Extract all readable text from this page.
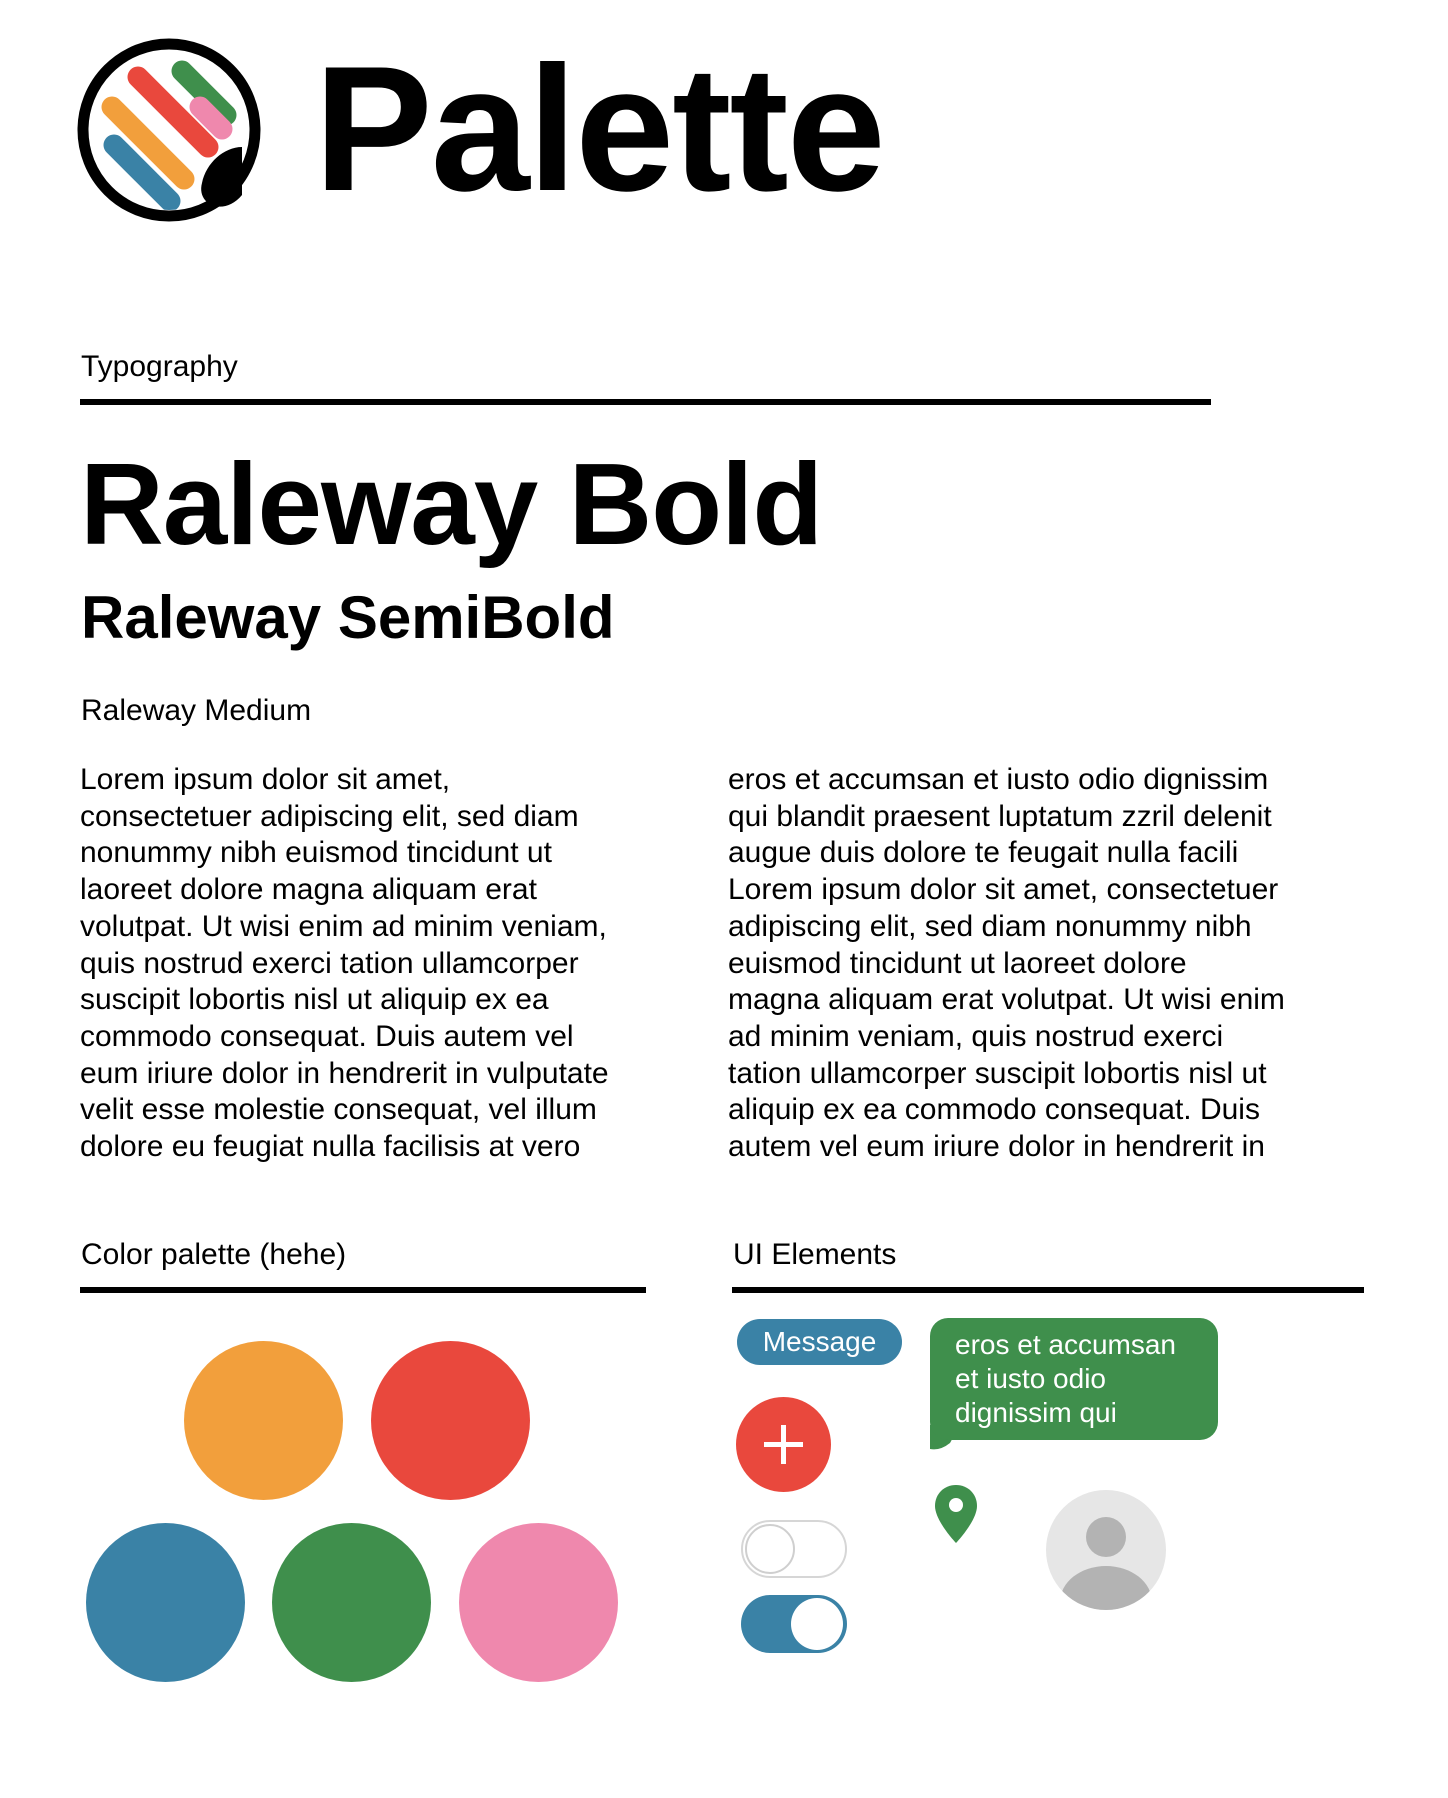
Palette
Typography
Raleway Bold
Raleway SemiBold
Raleway Medium
Lorem ipsum dolor sit amet,
consectetuer adipiscing elit, sed diam
nonummy nibh euismod tincidunt ut
laoreet dolore magna aliquam erat
volutpat. Ut wisi enim ad minim veniam,
quis nostrud exerci tation ullamcorper
suscipit lobortis nisl ut aliquip ex ea
commodo consequat. Duis autem vel
eum iriure dolor in hendrerit in vulputate
velit esse molestie consequat, vel illum
dolore eu feugiat nulla facilisis at vero
eros et accumsan et iusto odio dignissim
qui blandit praesent luptatum zzril delenit
augue duis dolore te feugait nulla facili
Lorem ipsum dolor sit amet, consectetuer
adipiscing elit, sed diam nonummy nibh
euismod tincidunt ut laoreet dolore
magna aliquam erat volutpat. Ut wisi enim
ad minim veniam, quis nostrud exerci
tation ullamcorper suscipit lobortis nisl ut
aliquip ex ea commodo consequat. Duis
autem vel eum iriure dolor in hendrerit in
Color palette (hehe)	UI Elements
Message	eros et accumsan
et iusto odio
dignissim qui
